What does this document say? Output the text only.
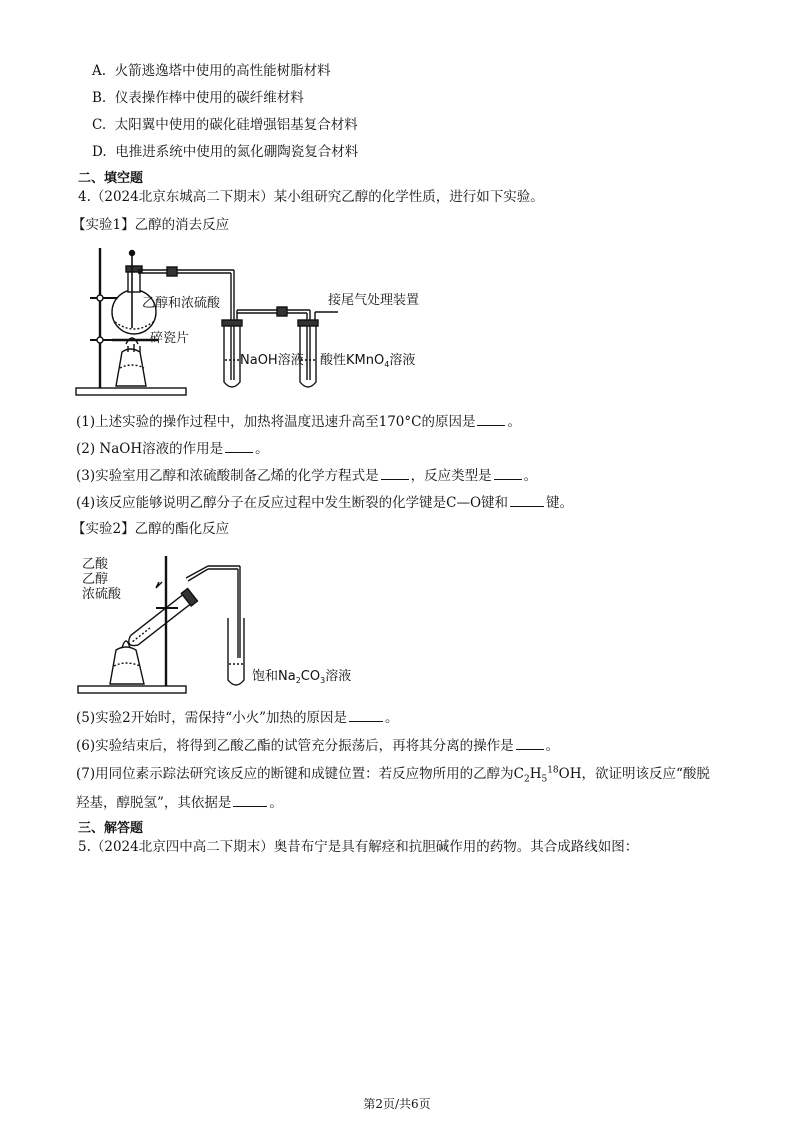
A. 火箭逃逸塔中使用的高性能树脂材料
B. 仪表操作棒中使用的碳纤维材料
C. 太阳翼中使用的碳化硅增强铝基复合材料
D. 电推进系统中使用的氮化硼陶瓷复合材料
二、填空题
4.（2024北京东城高二下期末）某小组研究乙醇的化学性质，进行如下实验。
【实验1】乙醇的消去反应
乙醇和浓硫酸
碎瓷片
NaOH溶液
接尾气处理装置
酸性KMnO$_4$溶液
(1)上述实验的操作过程中，加热将温度迅速升高至170°C的原因是 。
(2) NaOH溶液的作用是 。
(3)实验室用乙醇和浓硫酸制备乙烯的化学方程式是 ，反应类型是 。
(4)该反应能够说明乙醇分子在反应过程中发生断裂的化学键是C—O键和	键。
【实验2】乙醇的酯化反应
乙酸
乙醇
浓硫酸
饱和$Na_2CO_3$溶液
(5)实验2开始时，需保持“小火”加热的原因是	。
(6)实验结束后，将得到乙酸乙酯的试管充分振荡后，再将其分离的操作是 。
(7)用同位素示踪法研究该反应的断键和成键位置：若反应物所用的乙醇为$C_2H_5^{18}OH$，欲证明该反应“酸脱
羟基，醇脱氢”，其依据是	。
三、解答题
5.（2024北京四中高二下期末）奥昔布宁是具有解痉和抗胆碱作用的药物。其合成路线如图：
第2页/共6页
